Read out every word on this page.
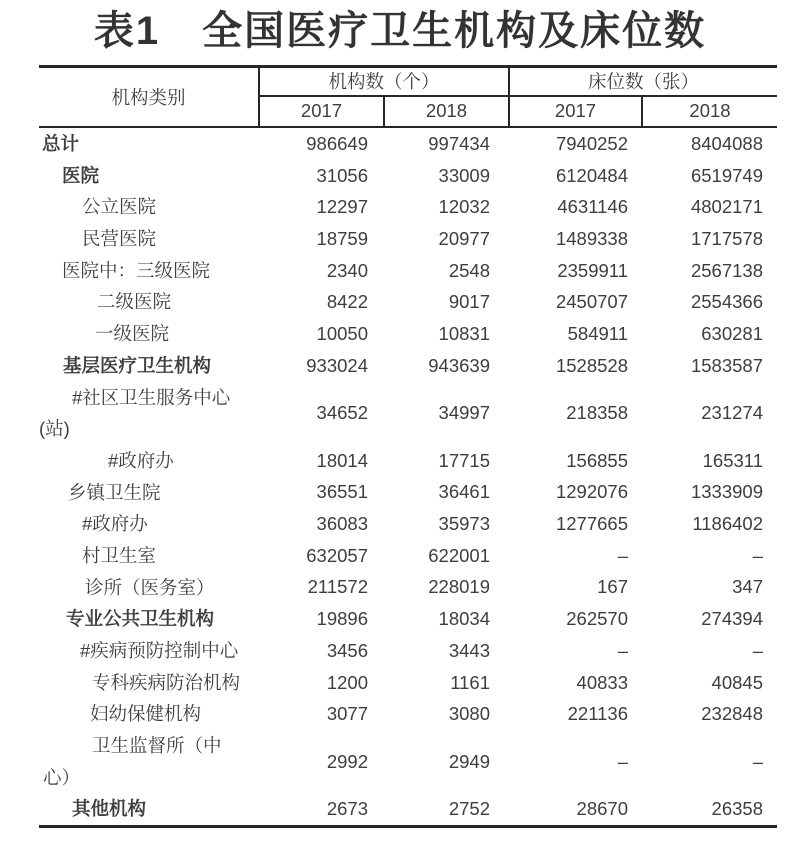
表1　全国医疗卫生机构及床位数
机构类别
机构数（个）	床位数（张）
2017	2018	2017	2018
总计	986649	997434	7940252	8404088
医院	31056	33009	6120484	6519749
公立医院	12297	12032	4631146	4802171
民营医院	18759	20977	1489338	1717578
医院中：三级医院	2340	2548	2359911	2567138
二级医院	8422	9017	2450707	2554366
一级医院	10050	10831	584911	630281
基层医疗卫生机构	933024	943639	1528528	1583587
#社区卫生服务中心
(站)
34652	34997	218358	231274
#政府办	18014	17715	156855	165311
乡镇卫生院	36551	36461	1292076	1333909
#政府办	36083	35973	1277665	1186402
村卫生室	632057	622001	–	–
诊所（医务室）	211572	228019	167	347
专业公共卫生机构	19896	18034	262570	274394
#疾病预防控制中心	3456	3443	–	–
专科疾病防治机构	1200	1161	40833	40845
妇幼保健机构	3077	3080	221136	232848
卫生监督所（中
心）
2992	2949	–	–
其他机构	2673	2752	28670	26358
